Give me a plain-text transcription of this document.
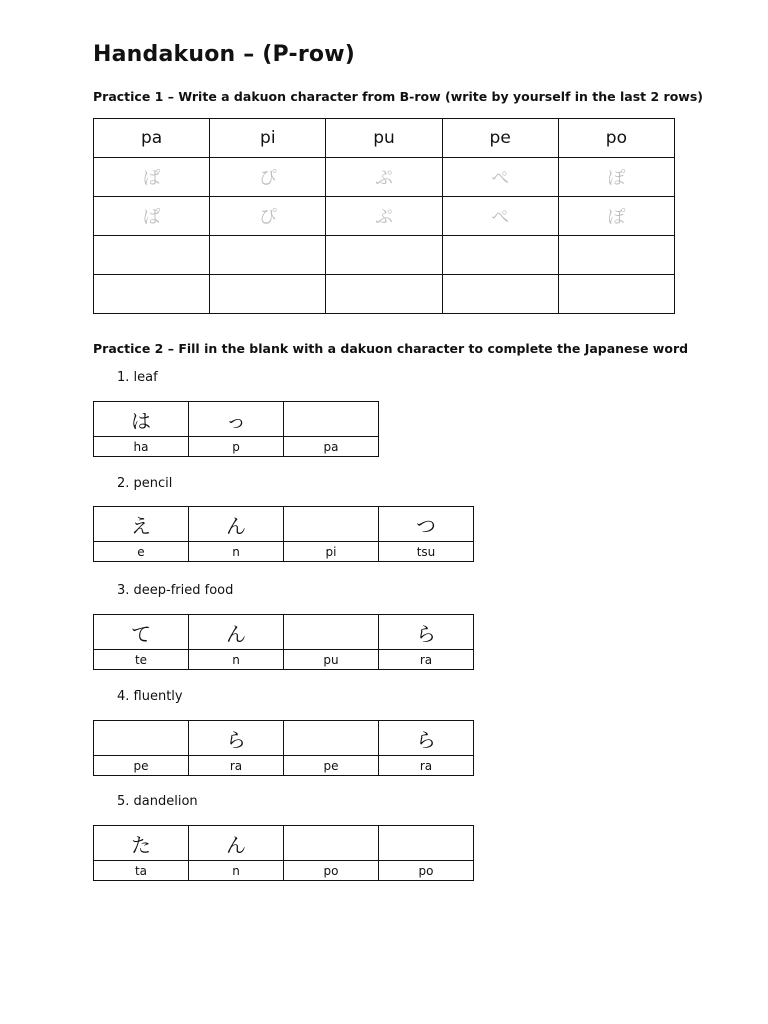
Handakuon – (P-row)
Practice 1 – Write a dakuon character from B-row (write by yourself in the last 2 rows)
pa	pi	pu	pe	po
ぱ	ぴ	ぷ	ぺ	ぽ
ぱ	ぴ	ぷ	ぺ	ぽ

Practice 2 – Fill in the blank with a dakuon character to complete the Japanese word
1. leaf
は	っ	
ha	p	pa
2. pencil
え	ん		つ
e	n	pi	tsu
3. deep-fried food
て	ん		ら
te	n	pu	ra
4. fluently
	ら		ら
pe	ra	pe	ra
5. dandelion
た	ん		
ta	n	po	po
